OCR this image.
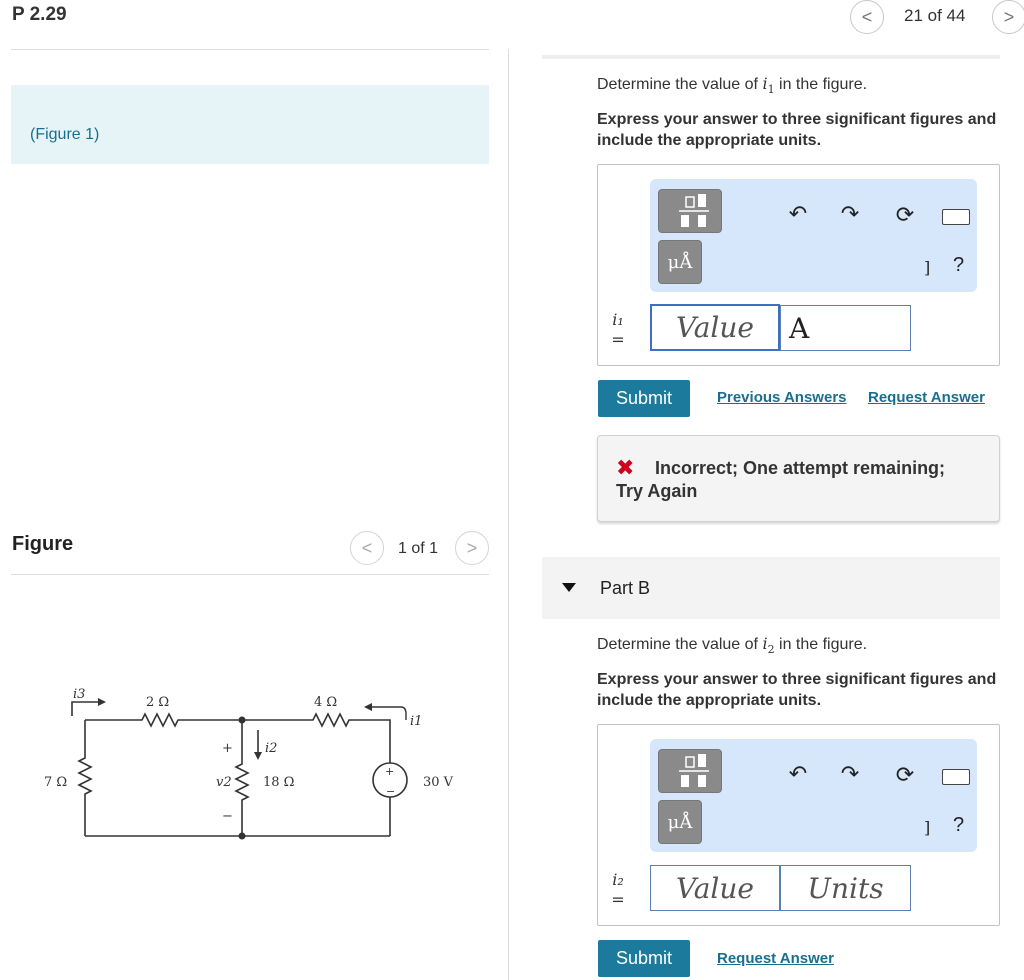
P 2.29	< 21 of 44 >
(Figure 1)
Figure	< 1 of 1 >
i3
2 Ω	4 Ω
i1
i2
+
−
v2 18 Ω
7 Ω
+
−
30 V
Determine the value of $i_1$ in the figure.
Express your answer to three significant figures and include the appropriate units.
μÅ
↶ ↷ ⟳
] ?
i₁
=	Value	A
Submit	Previous Answers Request Answer
✖ Incorrect; One attempt remaining;
Try Again
Part B
Determine the value of $i_2$ in the figure.
Express your answer to three significant figures and include the appropriate units.
μÅ
↶ ↷ ⟳
] ?
i₂
=	Value	Units
Submit	Request Answer
